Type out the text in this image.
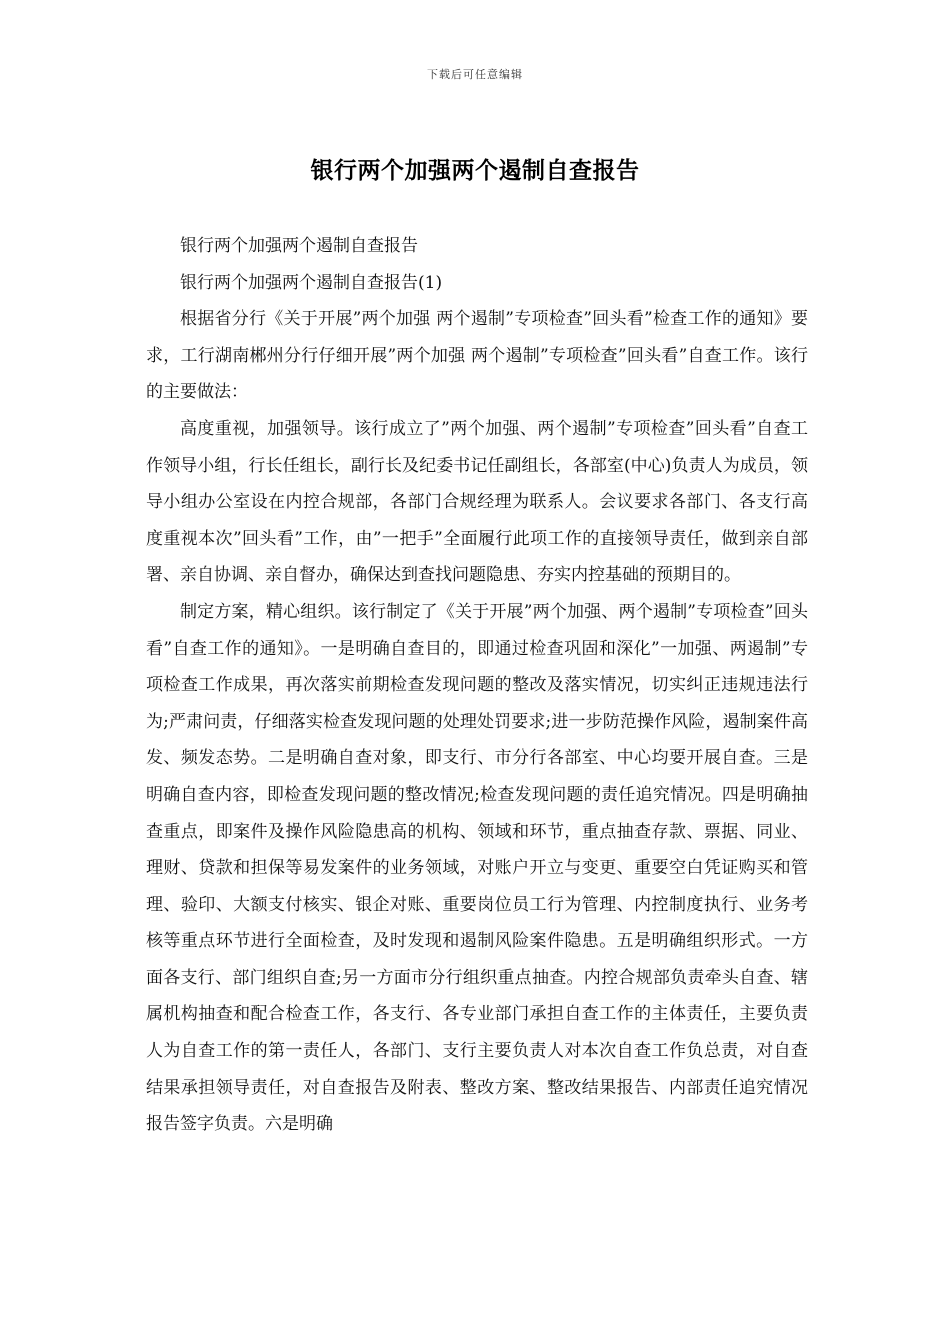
下载后可任意编辑
银行两个加强两个遏制自查报告

银行两个加强两个遏制自查报告

银行两个加强两个遏制自查报告(1)

根据省分行《关于开展”两个加强 两个遏制”专项检查”回头看”检查工作的通知》要求，工行湖南郴州分行仔细开展”两个加强 两个遏制”专项检查”回头看”自查工作。该行的主要做法：

高度重视，加强领导。该行成立了”两个加强、两个遏制”专项检查”回头看”自查工作领导小组，行长任组长，副行长及纪委书记任副组长，各部室(中心)负责人为成员，领导小组办公室设在内控合规部，各部门合规经理为联系人。会议要求各部门、各支行高度重视本次”回头看”工作，由”一把手”全面履行此项工作的直接领导责任，做到亲自部署、亲自协调、亲自督办，确保达到查找问题隐患、夯实内控基础的预期目的。

制定方案，精心组织。该行制定了《关于开展”两个加强、两个遏制”专项检查”回头看”自查工作的通知》。一是明确自查目的，即通过检查巩固和深化”一加强、两遏制”专项检查工作成果，再次落实前期检查发现问题的整改及落实情况，切实纠正违规违法行为;严肃问责，仔细落实检查发现问题的处理处罚要求;进一步防范操作风险，遏制案件高发、频发态势。二是明确自查对象，即支行、市分行各部室、中心均要开展自查。三是明确自查内容，即检查发现问题的整改情况;检查发现问题的责任追究情况。四是明确抽查重点，即案件及操作风险隐患高的机构、领域和环节，重点抽查存款、票据、同业、理财、贷款和担保等易发案件的业务领域，对账户开立与变更、重要空白凭证购买和管理、验印、大额支付核实、银企对账、重要岗位员工行为管理、内控制度执行、业务考核等重点环节进行全面检查，及时发现和遏制风险案件隐患。五是明确组织形式。一方面各支行、部门组织自查;另一方面市分行组织重点抽查。内控合规部负责牵头自查、辖属机构抽查和配合检查工作，各支行、各专业部门承担自查工作的主体责任，主要负责人为自查工作的第一责任人，各部门、支行主要负责人对本次自查工作负总责，对自查结果承担领导责任，对自查报告及附表、整改方案、整改结果报告、内部责任追究情况报告签字负责。六是明确
